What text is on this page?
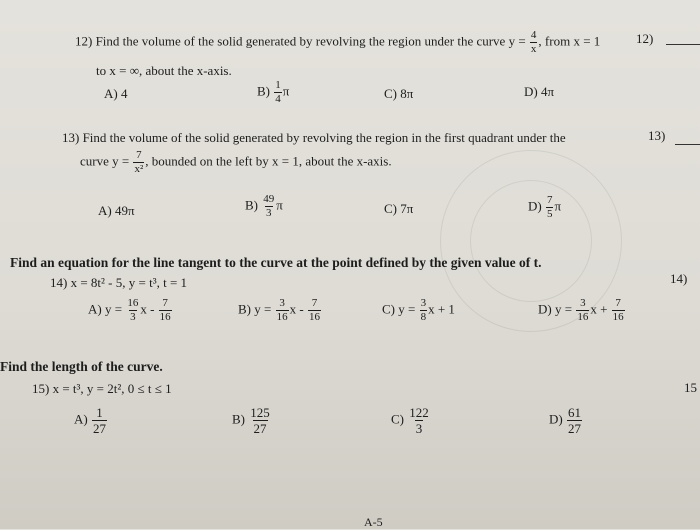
12) Find the volume of the solid generated by revolving the region under the curve $y = \frac{4}{x}$ , from x = 1	12)
to x = ∞, about the x-axis.
A) 4	$B) \frac{1}{4}$ π	C) 8π	D) 4π
13) Find the volume of the solid generated by revolving the region in the first quadrant under the	13)
curve $y = \frac{7}{\text{x²}}$ , bounded on the left by x = 1, about the x-axis.
A) 49π	$B) \frac{49}{3}$ π	C) 7π	$D) \frac{7}{5}$ π
Find an equation for the line tangent to the curve at the point defined by the given value of t.
14) x = 8t² - 5, y = t³, t = 1	14)
A) $y = \frac{16}{3}$ x - $\frac{7}{16}$	B) $y = \frac{3}{16}$ x - $\frac{7}{16}$	C) $y = \frac{3}{8}$ x + 1	D) $y = \frac{3}{16}$ $x + \frac{7}{16}$
Find the length of the curve.
15) x = t³, y = 2t², 0 ≤ t ≤ 1	15
$A) \frac{1}{27}$	$B) \frac{125}{27}$	$C) \frac{122}{3}$	$D) \frac{61}{27}$
A-5
